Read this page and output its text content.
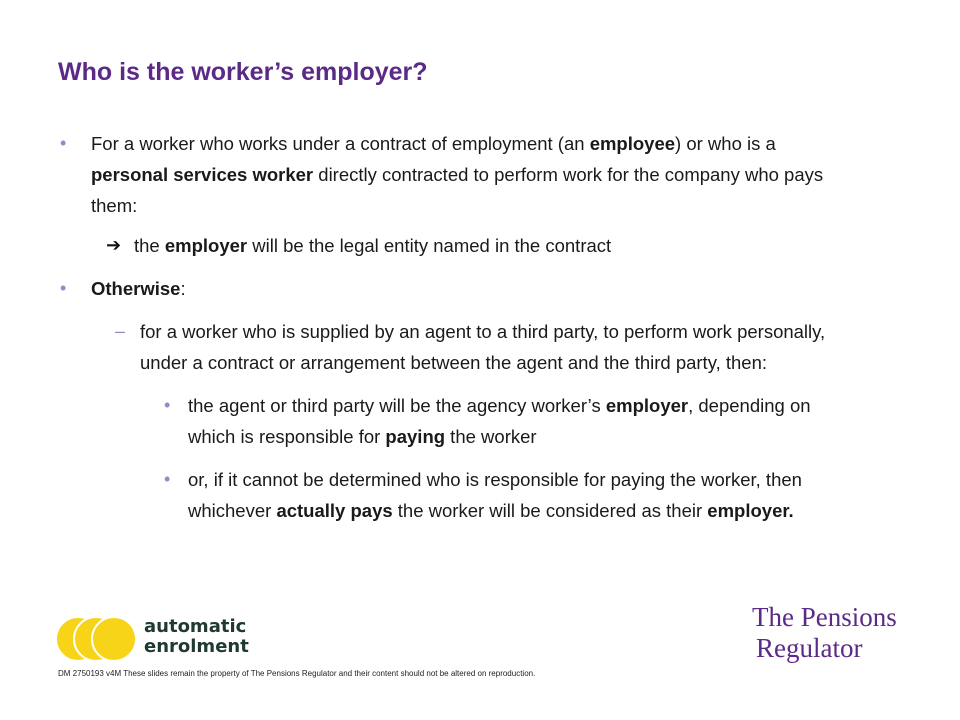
Who is the worker’s employer?

• For a worker who works under a contract of employment (an employee) or who is a personal services worker directly contracted to perform work for the company who pays them:

➔ the employer will be the legal entity named in the contract

• Otherwise:

– for a worker who is supplied by an agent to a third party, to perform work personally, under a contract or arrangement between the agent and the third party, then:

• the agent or third party will be the agency worker’s employer, depending on which is responsible for paying the worker

• or, if it cannot be determined who is responsible for paying the worker, then whichever actually pays the worker will be considered as their employer.

automatic
enrolment
The Pensions
Regulator
DM 2750193 v4M These slides remain the property of The Pensions Regulator and their content should not be altered on reproduction.
